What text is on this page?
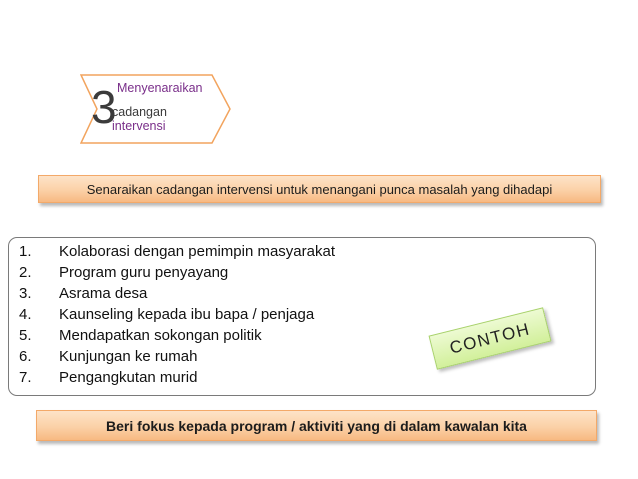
3 Menyenaraikan
cadangan
intervensi
Senaraikan cadangan intervensi untuk menangani punca masalah yang dihadapi
1. Kolaborasi dengan pemimpin masyarakat
2. Program guru penyayang
3. Asrama desa
4. Kaunseling kepada ibu bapa / penjaga
5. Mendapatkan sokongan politik
6. Kunjungan ke rumah
7. Pengangkutan murid
CONTOH
Beri fokus kepada program / aktiviti yang di dalam kawalan kita
